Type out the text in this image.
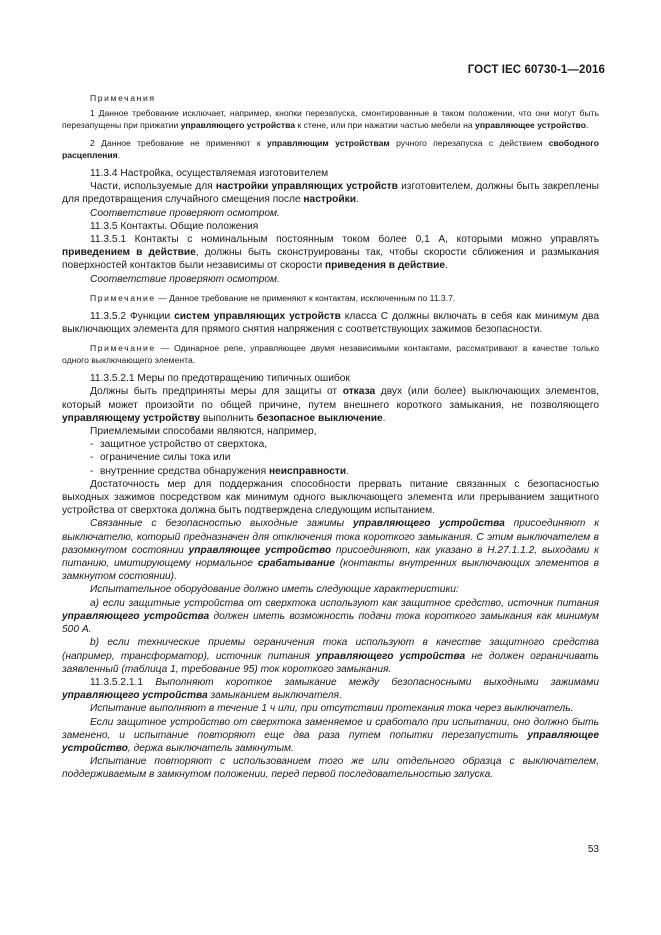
ГОСТ IEC 60730-1—2016

Примечания

1 Данное требование исключает, например, кнопки перезапуска, смонтированные в таком положении, что они могут быть перезапущены при прижатии управляющего устройства к стене, или при нажатии частью мебели на управляющее устройство.

2 Данное требование не применяют к управляющим устройствам ручного перезапуска с действием свободного расцепления.

11.3.4 Настройка, осуществляемая изготовителем

Части, используемые для настройки управляющих устройств изготовителем, должны быть закреплены для предотвращения случайного смещения после настройки.

Соответствие проверяют осмотром.

11.3.5 Контакты. Общие положения

11.3.5.1 Контакты с номинальным постоянным током более 0,1 А, которыми можно управлять приведением в действие, должны быть сконструированы так, чтобы скорости сближения и размыкания поверхностей контактов были независимы от скорости приведения в действие.

Соответствие проверяют осмотром.

Примечание — Данное требование не применяют к контактам, исключенным по 11.3.7.

11.3.5.2 Функции систем управляющих устройств класса С должны включать в себя как минимум два выключающих элемента для прямого снятия напряжения с соответствующих зажимов безопасности.

Примечание — Одинарное реле, управляющее двумя независимыми контактами, рассматривают в качестве только одного выключающего элемента.

11.3.5.2.1 Меры по предотвращению типичных ошибок

Должны быть предприняты меры для защиты от отказа двух (или более) выключающих элементов, который может произойти по общей причине, путем внешнего короткого замыкания, не позволяющего управляющему устройству выполнить безопасное выключение.

Приемлемыми способами являются, например,

- защитное устройство от сверхтока,
- ограничение силы тока или
- внутренние средства обнаружения неисправности.

Достаточность мер для поддержания способности прервать питание связанных с безопасностью выходных зажимов посредством как минимум одного выключающего элемента или прерыванием защитного устройства от сверхтока должна быть подтверждена следующим испытанием.

Связанные с безопасностью выходные зажимы управляющего устройства присоединяют к выключателю, который предназначен для отключения тока короткого замыкания. С этим выключателем в разомкнутом состоянии управляющее устройство присоединяют, как указано в Н.27.1.1.2, выходами к питанию, имитирующему нормальное срабатывание (контакты внутренних выключающих элементов в замкнутом состоянии).

Испытательное оборудование должно иметь следующие характеристики:

а) если защитные устройства от сверхтока используют как защитное средство, источник питания управляющего устройства должен иметь возможность подачи тока короткого замыкания как минимум 500 А.

b) если технические приемы ограничения тока используют в качестве защитного средства (например, трансформатор), источник питания управляющего устройства не должен ограничивать заявленный (таблица 1, требование 95) ток короткого замыкания.

11.3.5.2.1.1 Выполняют короткое замыкание между безопасносными выходными зажимами управляющего устройства замыканием выключателя.

Испытание выполняют в течение 1 ч или, при отсутствии протекания тока через выключатель.

Если защитное устройство от сверхтока заменяемое и сработало при испытании, оно должно быть заменено, и испытание повторяют еще два раза путем попытки перезапустить управляющее устройство, держа выключатель замкнутым.

Испытание повторяют с использованием того же или отдельного образца с выключателем, поддерживаемым в замкнутом положении, перед первой последовательностью запуска.

53
